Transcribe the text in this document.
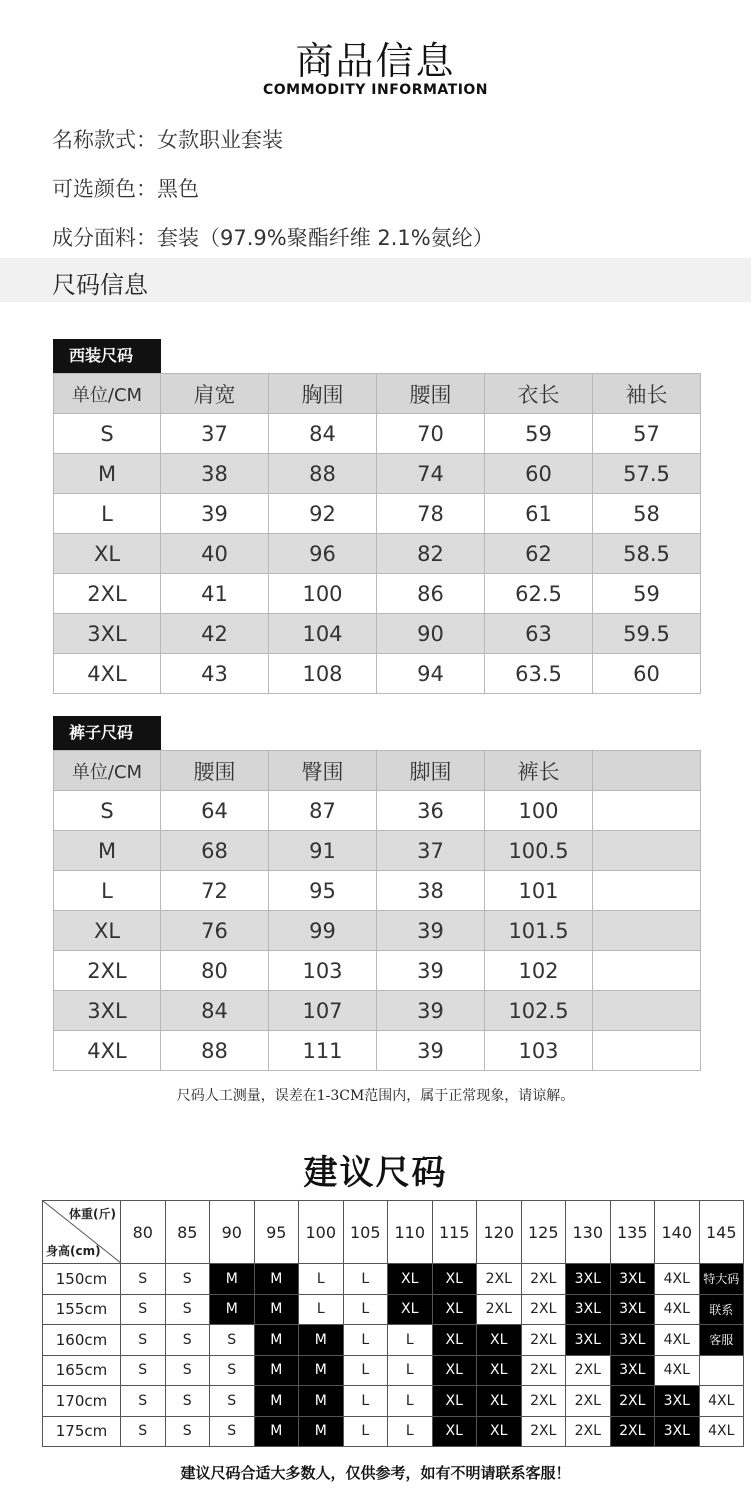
商品信息
COMMODITY INFORMATION
名称款式：女款职业套装
可选颜色：黑色
成分面料：套装（97.9%聚酯纤维 2.1%氨纶）
尺码信息
西装尺码
单位/CM	肩宽	胸围	腰围	衣长	袖长
S	37	84	70	59	57
M	38	88	74	60	57.5
L	39	92	78	61	58
XL	40	96	82	62	58.5
2XL	41	100	86	62.5	59
3XL	42	104	90	63	59.5
4XL	43	108	94	63.5	60
裤子尺码
单位/CM	腰围	臀围	脚围	裤长	
S	64	87	36	100	
M	68	91	37	100.5	
L	72	95	38	101	
XL	76	99	39	101.5	
2XL	80	103	39	102	
3XL	84	107	39	102.5	
4XL	88	111	39	103	
尺码人工测量，误差在1-3CM范围内，属于正常现象，请谅解。
建议尺码
体重(斤)
身高(cm)	80	85	90	95	100	105	110	115	120	125	130	135	140	145
150cm	S	S	M	M	L	L	XL	XL	2XL	2XL	3XL	3XL	4XL	特大码
155cm	S	S	M	M	L	L	XL	XL	2XL	2XL	3XL	3XL	4XL	联系
160cm	S	S	S	M	M	L	L	XL	XL	2XL	3XL	3XL	4XL	客服
165cm	S	S	S	M	M	L	L	XL	XL	2XL	2XL	3XL	4XL	
170cm	S	S	S	M	M	L	L	XL	XL	2XL	2XL	2XL	3XL	4XL
175cm	S	S	S	M	M	L	L	XL	XL	2XL	2XL	2XL	3XL	4XL
建议尺码合适大多数人，仅供参考，如有不明请联系客服！
